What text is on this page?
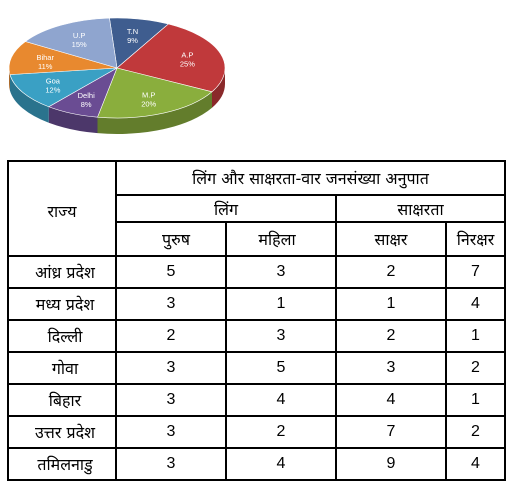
T.N
9%
A.P
25%
M.P
20%
Delhi
8%
Goa
12%
Bihar
11%
U.P
15%
राज्य	लिंग और साक्षरता-वार जनसंख्या अनुपात			
	लिंग		साक्षरता	
	पुरुष	महिला	साक्षर	निरक्षर
आंध्र प्रदेश	5	3	2	7
मध्य प्रदेश	3	1	1	4
दिल्ली	2	3	2	1
गोवा	3	5	3	2
बिहार	3	4	4	1
उत्तर प्रदेश	3	2	7	2
तमिलनाडु	3	4	9	4
